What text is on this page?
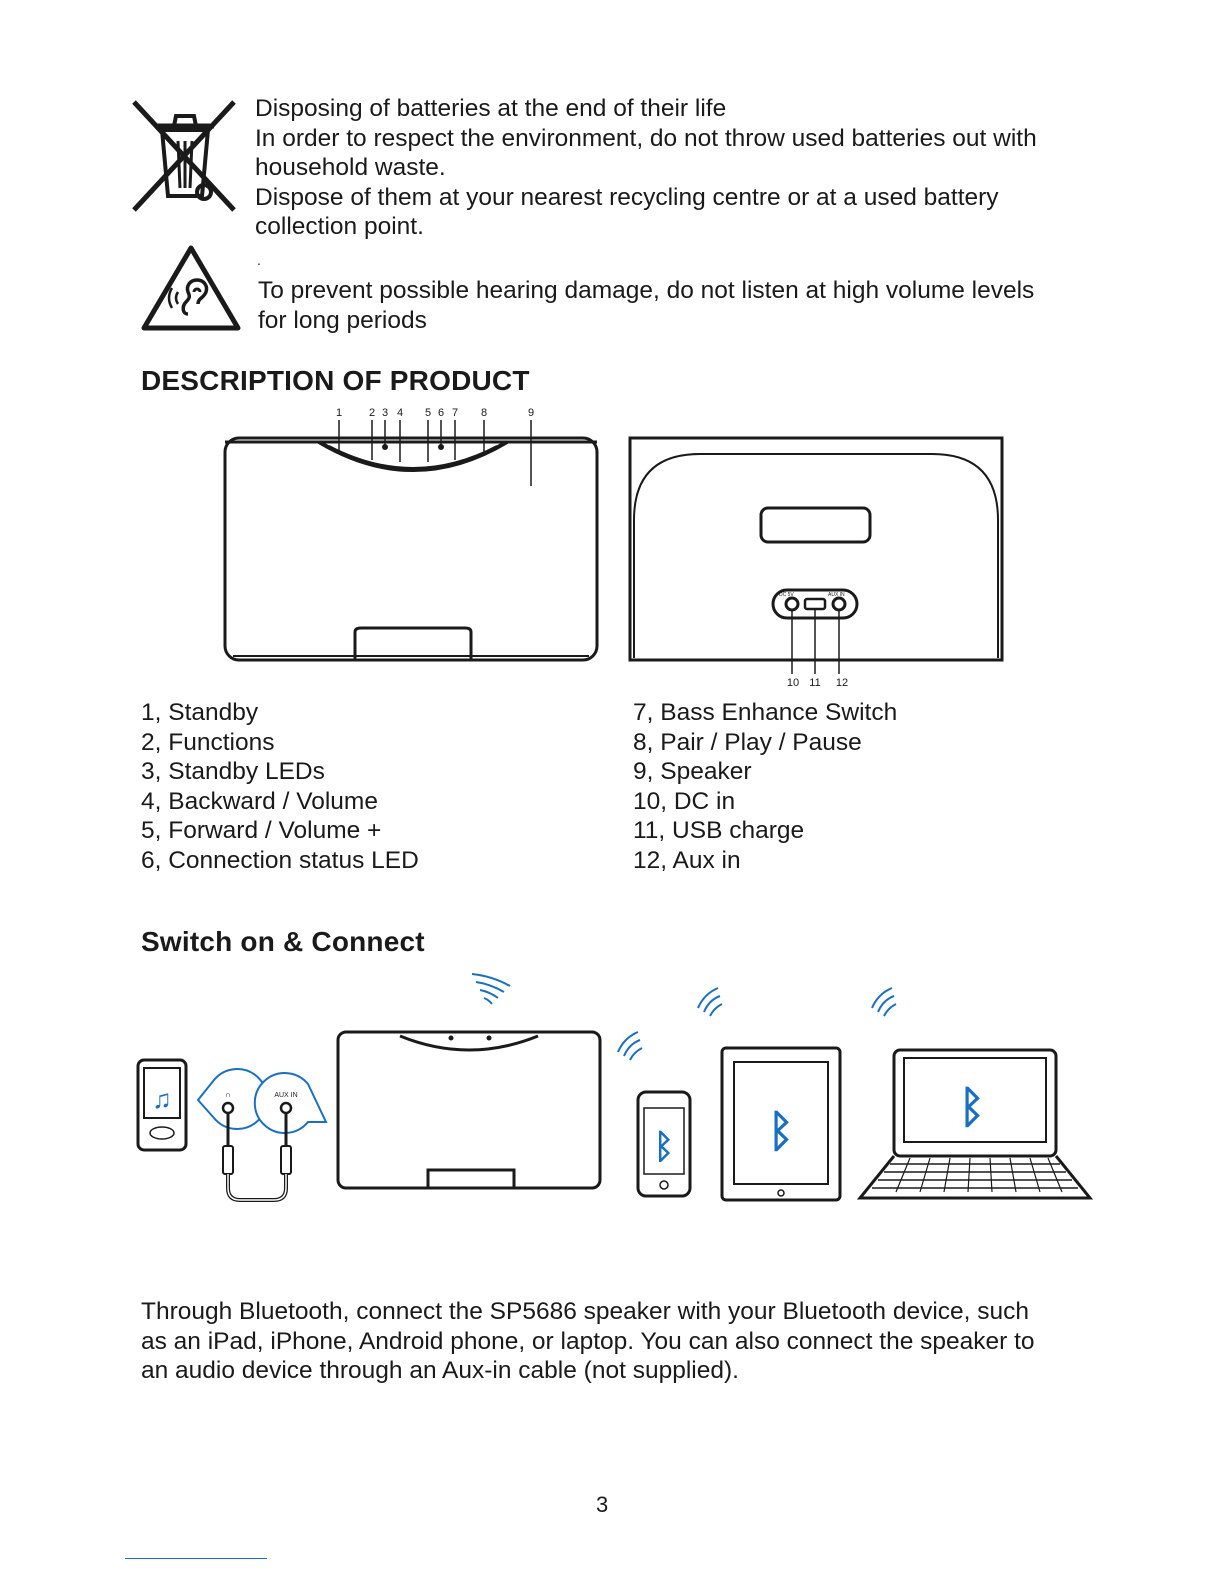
Disposing of batteries at the end of their life
In order to respect the environment, do not throw used batteries out with
household waste.
Dispose of them at your nearest recycling centre or at a used battery
collection point.
.
To prevent possible hearing damage, do not listen at high volume levels
for long periods
DESCRIPTION OF PRODUCT
1 2 3 4 5 6 7 8	9
DC 5V	AUX IN
10 11 12
1, Standby
2, Functions
3, Standby LEDs
4, Backward / Volume
5, Forward / Volume +
6, Connection status LED
7, Bass Enhance Switch
8, Pair / Play / Pause
9, Speaker
10, DC in
11, USB charge
12, Aux in
Switch on & Connect
♫	∩	AUX IN
ᛒ ᛒ	ᛒ
Through Bluetooth, connect the SP5686 speaker with your Bluetooth device, such
as an iPad, iPhone, Android phone, or laptop. You can also connect the speaker to
an audio device through an Aux-in cable (not supplied).
3
